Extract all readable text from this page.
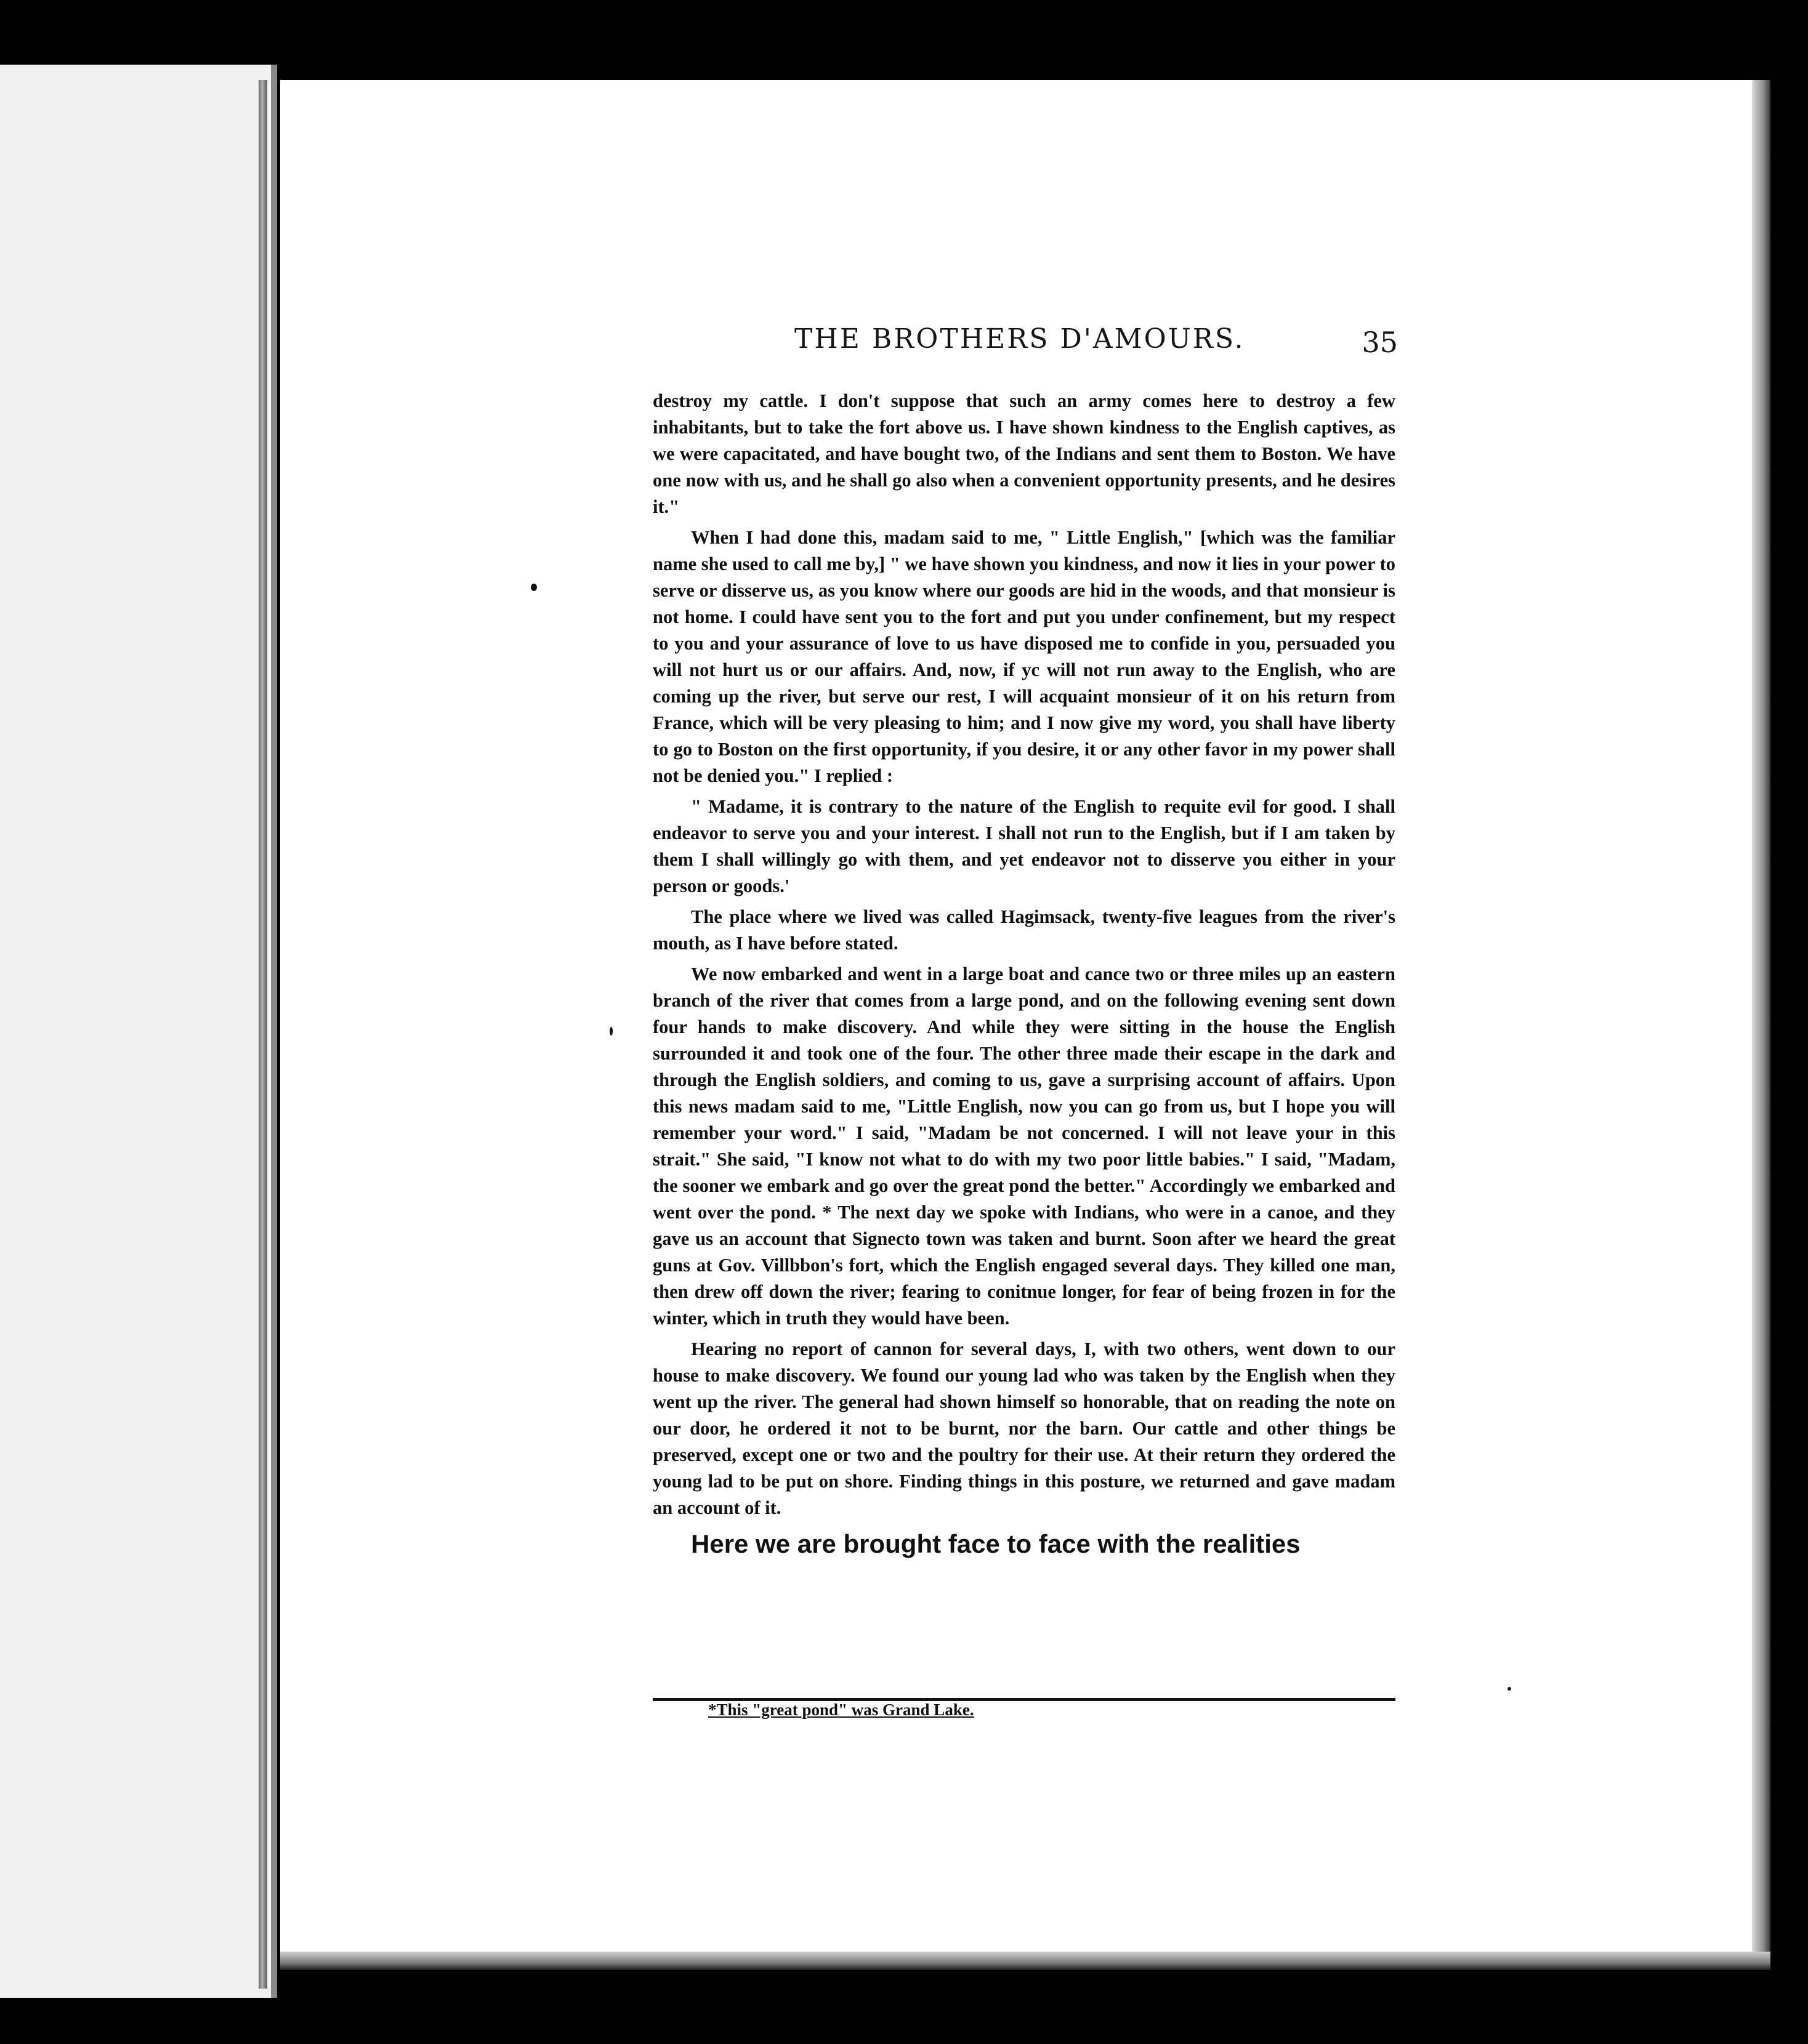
THE BROTHERS D'AMOURS.	35

destroy my cattle. I don't suppose that such an army comes here to destroy a few inhabitants, but to take the fort above us. I have shown kindness to the English captives, as we were capacitated, and have bought two, of the Indians and sent them to Boston. We have one now with us, and he shall go also when a convenient opportunity presents, and he desires it."

When I had done this, madam said to me, " Little English," [which was the familiar name she used to call me by,] " we have shown you kindness, and now it lies in your power to serve or disserve us, as you know where our goods are hid in the woods, and that monsieur is not home. I could have sent you to the fort and put you under confinement, but my respect to you and your assurance of love to us have disposed me to confide in you, persuaded you will not hurt us or our affairs. And, now, if yc will not run away to the English, who are coming up the river, but serve our rest, I will acquaint monsieur of it on his return from France, which will be very pleasing to him; and I now give my word, you shall have liberty to go to Boston on the first opportunity, if you desire, it or any other favor in my power shall not be denied you." I replied :

" Madame, it is contrary to the nature of the English to requite evil for good. I shall endeavor to serve you and your interest. I shall not run to the English, but if I am taken by them I shall willingly go with them, and yet endeavor not to disserve you either in your person or goods.'

The place where we lived was called Hagimsack, twenty-five leagues from the river's mouth, as I have before stated.

We now embarked and went in a large boat and cance two or three miles up an eastern branch of the river that comes from a large pond, and on the following evening sent down four hands to make discovery. And while they were sitting in the house the English surrounded it and took one of the four. The other three made their escape in the dark and through the English soldiers, and coming to us, gave a surprising account of affairs. Upon this news madam said to me, "Little English, now you can go from us, but I hope you will remember your word." I said, "Madam be not concerned. I will not leave your in this strait." She said, "I know not what to do with my two poor little babies." I said, "Madam, the sooner we embark and go over the great pond the better." Accordingly we embarked and went over the pond. * The next day we spoke with Indians, who were in a canoe, and they gave us an account that Signecto town was taken and burnt. Soon after we heard the great guns at Gov. Villbbon's fort, which the English engaged several days. They killed one man, then drew off down the river; fearing to conitnue longer, for fear of being frozen in for the winter, which in truth they would have been.

Hearing no report of cannon for several days, I, with two others, went down to our house to make discovery. We found our young lad who was taken by the English when they went up the river. The general had shown himself so honorable, that on reading the note on our door, he ordered it not to be burnt, nor the barn. Our cattle and other things be preserved, except one or two and the poultry for their use. At their return they ordered the young lad to be put on shore. Finding things in this posture, we returned and gave madam an account of it.

Here we are brought face to face with the realities

*This "great pond" was Grand Lake.
